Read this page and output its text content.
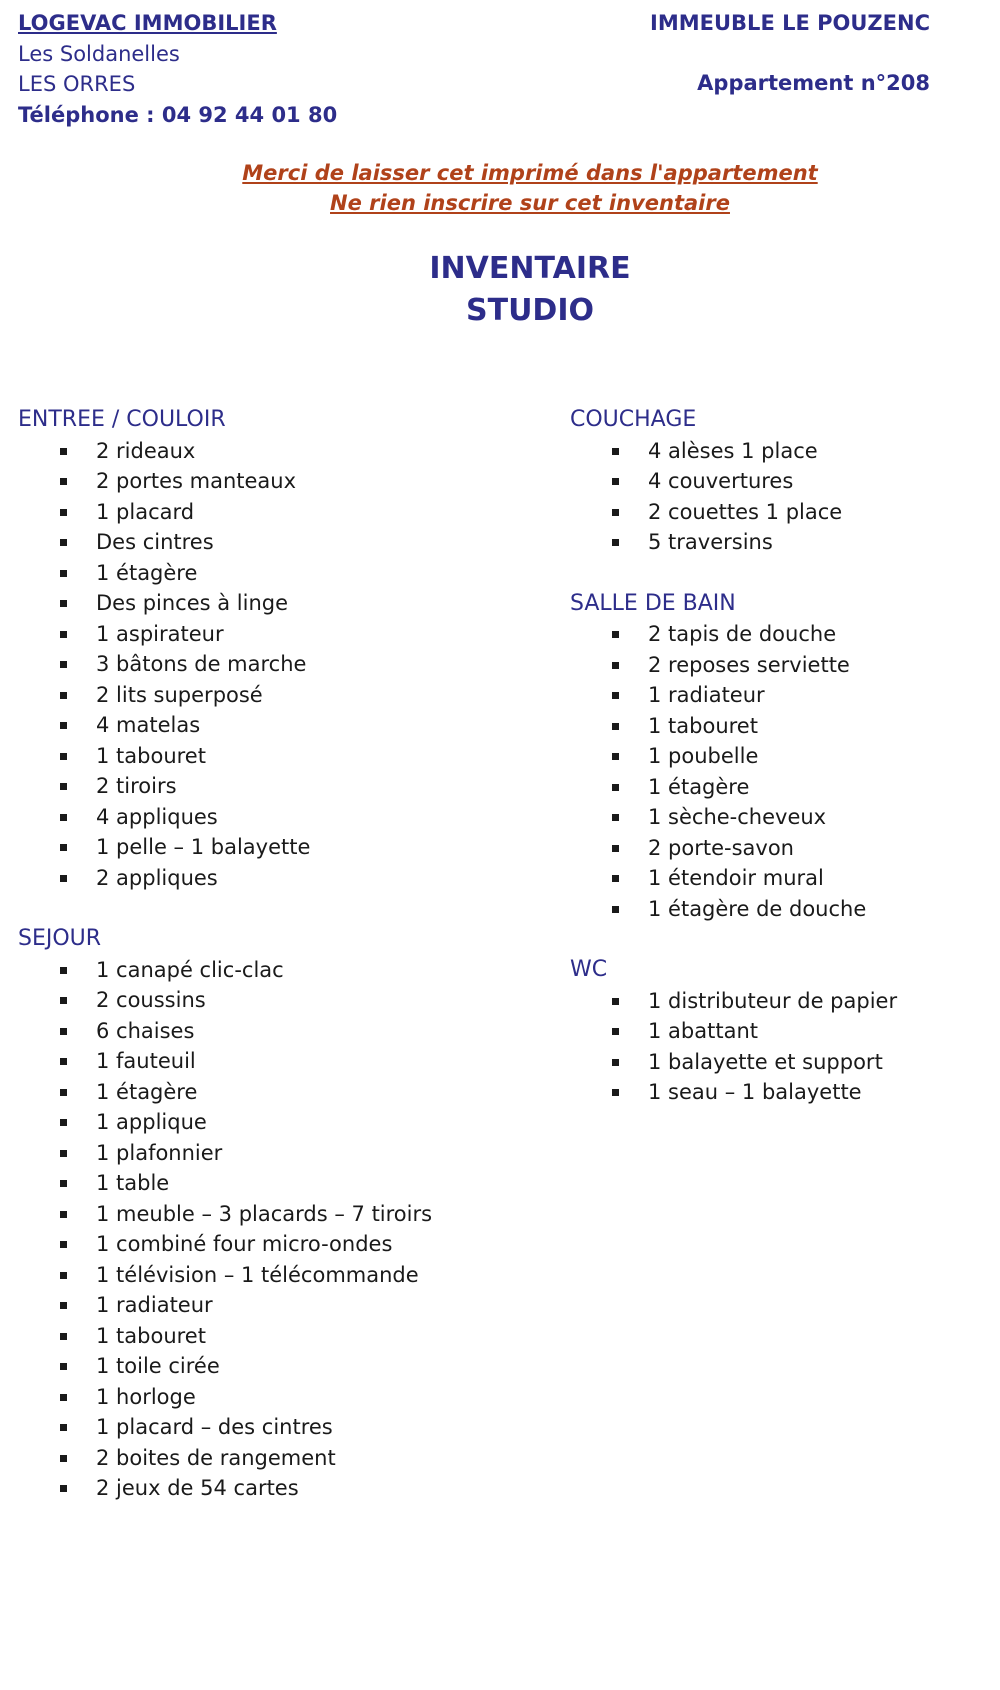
LOGEVAC IMMOBILIER
Les Soldanelles
LES ORRES
Téléphone : 04 92 44 01 80
IMMEUBLE LE POUZENC
Appartement n°208
Merci de laisser cet imprimé dans l'appartement
Ne rien inscrire sur cet inventaire
INVENTAIRE
STUDIO
ENTREE / COULOIR
2 rideaux
2 portes manteaux
1 placard
Des cintres
1 étagère
Des pinces à linge
1 aspirateur
3 bâtons de marche
2 lits superposé
4 matelas
1 tabouret
2 tiroirs
4 appliques
1 pelle – 1 balayette
2 appliques
SEJOUR
1 canapé clic-clac
2 coussins
6 chaises
1 fauteuil
1 étagère
1 applique
1 plafonnier
1 table
1 meuble – 3 placards – 7 tiroirs
1 combiné four micro-ondes
1 télévision – 1 télécommande
1 radiateur
1 tabouret
1 toile cirée
1 horloge
1 placard – des cintres
2 boites de rangement
2 jeux de 54 cartes
COUCHAGE
4 alèses 1 place
4 couvertures
2 couettes 1 place
5 traversins
SALLE DE BAIN
2 tapis de douche
2 reposes serviette
1 radiateur
1 tabouret
1 poubelle
1 étagère
1 sèche-cheveux
2 porte-savon
1 étendoir mural
1 étagère de douche
WC
1 distributeur de papier
1 abattant
1 balayette et support
1 seau – 1 balayette
